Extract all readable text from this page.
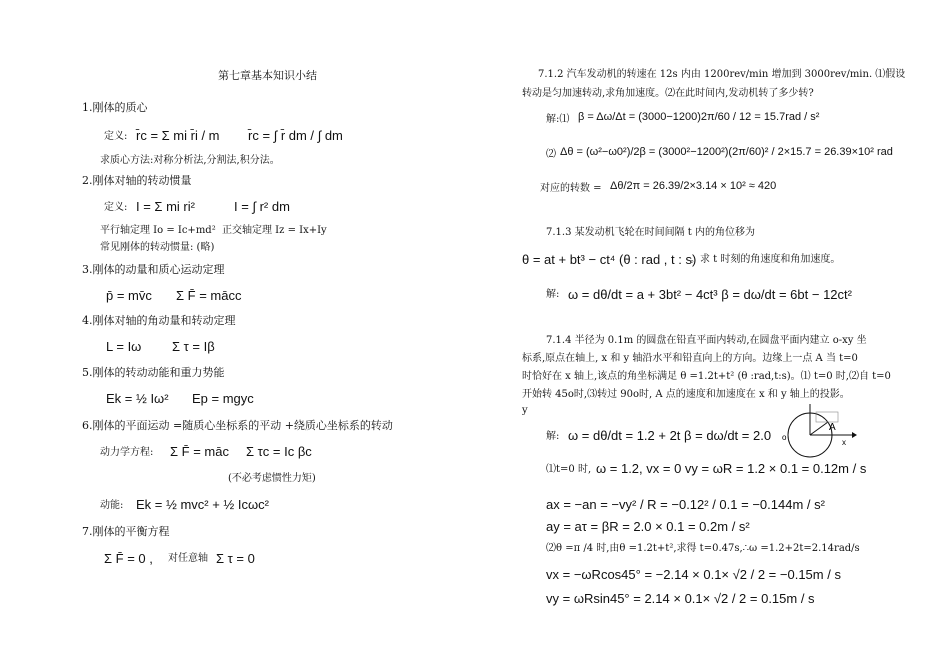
第七章基本知识小结
1.刚体的质心
定义: r̄c = Σ mi r̄i / m r̄c = ∫ r̄ dm / ∫ dm
求质心方法:对称分析法,分割法,积分法。
2.刚体对轴的转动惯量
定义: I = Σ mi ri²	I = ∫ r² dm
平行轴定理 Io = Ic+md² 正交轴定理 Iz = Ix+Iy
常见刚体的转动惯量: (略)
3.刚体的动量和质心运动定理
p̄ = mv̄c Σ F̄ = mācc
4.刚体对轴的角动量和转动定理
L = Iω Σ τ = Iβ
5.刚体的转动动能和重力势能
Ek = ½ Iω² Ep = mgyc
6.刚体的平面运动 =随质心坐标系的平动 +绕质心坐标系的转动
动力学方程: Σ F̄ = māc Σ τc = Ic βc
(不必考虑惯性力矩)
动能: Ek = ½ mvc² + ½ Icωc²
7.刚体的平衡方程
Σ F̄ = 0 , 对任意轴 Σ τ = 0
7.1.2 汽车发动机的转速在 12s 内由 1200rev/min 增加到 3000rev/min. ⑴假设
转动是匀加速转动,求角加速度。⑵在此时间内,发动机转了多少转?
解:⑴ β = Δω/Δt = (3000−1200)2π/60 / 12 = 15.7rad / s²
⑵ Δθ = (ω²−ω0²)/2β = (3000²−1200²)(2π/60)² / 2×15.7 = 26.39×10² rad
对应的转数 = Δθ/2π = 26.39/2×3.14 × 10² ≈ 420
7.1.3 某发动机飞轮在时间间隔 t 内的角位移为
θ = at + bt³ − ct⁴ (θ : rad , t : s)
。求 t 时刻的角速度和角加速度。
解: ω = dθ/dt = a + 3bt² − 4ct³ β = dω/dt = 6bt − 12ct²
7.1.4 半径为 0.1m 的圆盘在铅直平面内转动,在圆盘平面内建立 o-xy 坐
标系,原点在轴上, x 和 y 轴沿水平和铅直向上的方向。边缘上一点 A 当 t=0
时恰好在 x 轴上,该点的角坐标满足 θ =1.2t+t² (θ :rad,t:s)。⑴ t=0 时,⑵自 t=0
开始转 45o时,⑶转过 90o时, A 点的速度和加速度在 x 和 y 轴上的投影。
y
解: ω = dθ/dt = 1.2 + 2t β = dω/dt = 2.0
⑴t=0 时, ω = 1.2, vx = 0 vy = ωR = 1.2 × 0.1 = 0.12m / s
ax = −an = −vy² / R = −0.12² / 0.1 = −0.144m / s²
ay = aτ = βR = 2.0 × 0.1 = 0.2m / s²
⑵θ =π /4 时,由θ =1.2t+t²,求得 t=0.47s,∴ω =1.2+2t=2.14rad/s
vx = −ωRcos45° = −2.14 × 0.1× √2 / 2 = −0.15m / s
vy = ωRsin45° = 2.14 × 0.1× √2 / 2 = 0.15m / s
o
A
x
